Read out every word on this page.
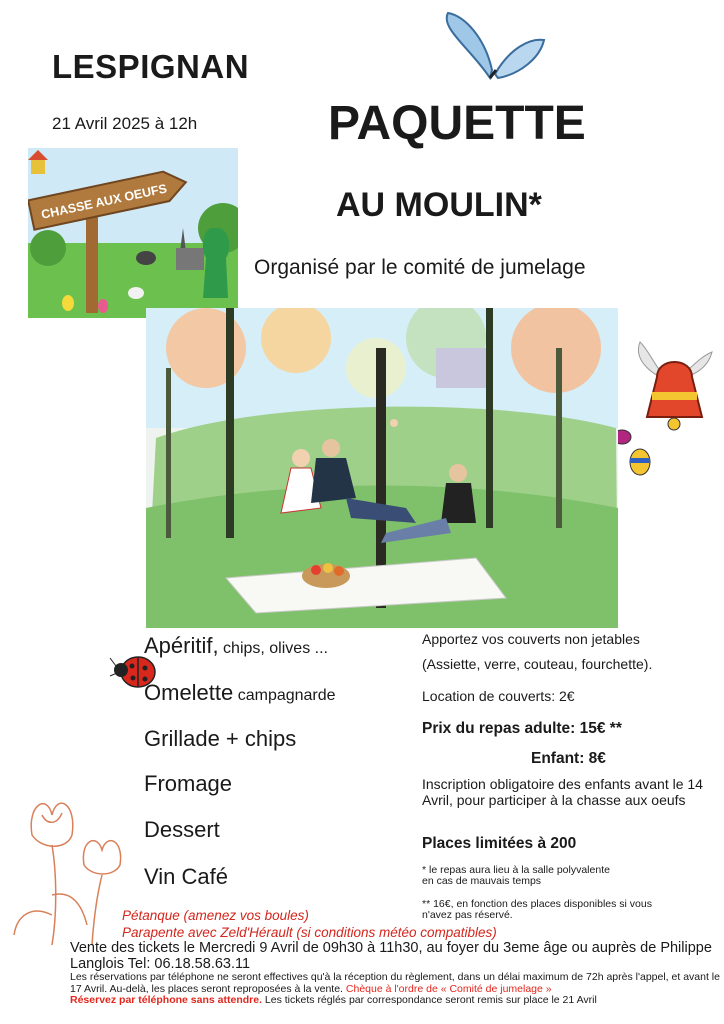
LESPIGNAN
21 Avril 2025 à 12h	PAQUETTE
AU MOULIN*
Organisé par le comité de jumelage
CHASSE AUX OEUFS
Apéritif, chips, olives ...
Omelette campagnarde
Grillade + chips
Fromage
Dessert
Vin Café
Apportez vos couverts non jetables
(Assiette, verre, couteau, fourchette).
Location de couverts: 2€
Prix du repas adulte: 15€ **
Enfant: 8€
Inscription obligatoire des enfants avant le 14 Avril, pour participer à la chasse aux oeufs
Places limitées à 200
* le repas aura lieu à la salle polyvalente en cas de mauvais temps
** 16€, en fonction des places disponibles si vous n'avez pas réservé.
Pétanque (amenez vos boules)
Parapente avec Zeld'Hérault (si conditions météo compatibles)
Vente des tickets le Mercredi 9 Avril de 09h30 à 11h30, au foyer du 3eme âge ou auprès de Philippe Langlois Tel: 06.18.58.63.11
Les réservations par téléphone ne seront effectives qu'à la réception du règlement, dans un délai maximum de 72h après l'appel, et avant le 17 Avril. Au-delà, les places seront reproposées à la vente. Chèque à l'ordre de « Comité de jumelage »
Réservez par téléphone sans attendre. Les tickets réglés par correspondance seront remis sur place le 21 Avril
